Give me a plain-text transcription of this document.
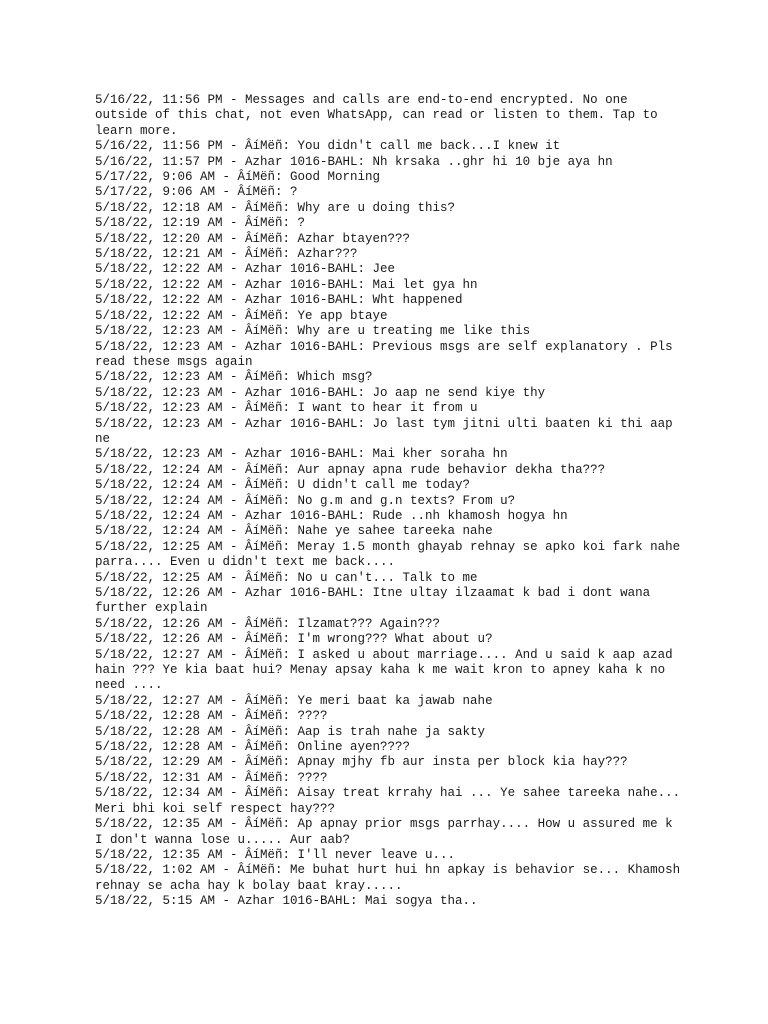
5/16/22, 11:56 PM - Messages and calls are end-to-end encrypted. No one outside of this chat, not even WhatsApp, can read or listen to them. Tap to learn more.
5/16/22, 11:56 PM - ÂíMëñ: You didn't call me back...I knew it
5/16/22, 11:57 PM - Azhar 1016-BAHL: Nh krsaka ..ghr hi 10 bje aya hn
5/17/22, 9:06 AM - ÂíMëñ: Good Morning
5/17/22, 9:06 AM - ÂíMëñ: ?
5/18/22, 12:18 AM - ÂíMëñ: Why are u doing this?
5/18/22, 12:19 AM - ÂíMëñ: ?
5/18/22, 12:20 AM - ÂíMëñ: Azhar btayen???
5/18/22, 12:21 AM - ÂíMëñ: Azhar???
5/18/22, 12:22 AM - Azhar 1016-BAHL: Jee
5/18/22, 12:22 AM - Azhar 1016-BAHL: Mai let gya hn
5/18/22, 12:22 AM - Azhar 1016-BAHL: Wht happened
5/18/22, 12:22 AM - ÂíMëñ: Ye app btaye
5/18/22, 12:23 AM - ÂíMëñ: Why are u treating me like this
5/18/22, 12:23 AM - Azhar 1016-BAHL: Previous msgs are self explanatory . Pls read these msgs again
5/18/22, 12:23 AM - ÂíMëñ: Which msg?
5/18/22, 12:23 AM - Azhar 1016-BAHL: Jo aap ne send kiye thy
5/18/22, 12:23 AM - ÂíMëñ: I want to hear it from u
5/18/22, 12:23 AM - Azhar 1016-BAHL: Jo last tym jitni ulti baaten ki thi aap ne
5/18/22, 12:23 AM - Azhar 1016-BAHL: Mai kher soraha hn
5/18/22, 12:24 AM - ÂíMëñ: Aur apnay apna rude behavior dekha tha???
5/18/22, 12:24 AM - ÂíMëñ: U didn't call me today?
5/18/22, 12:24 AM - ÂíMëñ: No g.m and g.n texts? From u?
5/18/22, 12:24 AM - Azhar 1016-BAHL: Rude ..nh khamosh hogya hn
5/18/22, 12:24 AM - ÂíMëñ: Nahe ye sahee tareeka nahe
5/18/22, 12:25 AM - ÂíMëñ: Meray 1.5 month ghayab rehnay se apko koi fark nahe parra.... Even u didn't text me back....
5/18/22, 12:25 AM - ÂíMëñ: No u can't... Talk to me
5/18/22, 12:26 AM - Azhar 1016-BAHL: Itne ultay ilzaamat k bad i dont wana further explain
5/18/22, 12:26 AM - ÂíMëñ: Ilzamat??? Again???
5/18/22, 12:26 AM - ÂíMëñ: I'm wrong??? What about u?
5/18/22, 12:27 AM - ÂíMëñ: I asked u about marriage.... And u said k aap azad hain ??? Ye kia baat hui? Menay apsay kaha k me wait kron to apney kaha k no need ....
5/18/22, 12:27 AM - ÂíMëñ: Ye meri baat ka jawab nahe
5/18/22, 12:28 AM - ÂíMëñ: ????
5/18/22, 12:28 AM - ÂíMëñ: Aap is trah nahe ja sakty
5/18/22, 12:28 AM - ÂíMëñ: Online ayen????
5/18/22, 12:29 AM - ÂíMëñ: Apnay mjhy fb aur insta per block kia hay???
5/18/22, 12:31 AM - ÂíMëñ: ????
5/18/22, 12:34 AM - ÂíMëñ: Aisay treat krrahy hai ... Ye sahee tareeka nahe... Meri bhi koi self respect hay???
5/18/22, 12:35 AM - ÂíMëñ: Ap apnay prior msgs parrhay.... How u assured me k I don't wanna lose u..... Aur aab?
5/18/22, 12:35 AM - ÂíMëñ: I'll never leave u...
5/18/22, 1:02 AM - ÂíMëñ: Me buhat hurt hui hn apkay is behavior se... Khamosh rehnay se acha hay k bolay baat kray.....
5/18/22, 5:15 AM - Azhar 1016-BAHL: Mai sogya tha..
